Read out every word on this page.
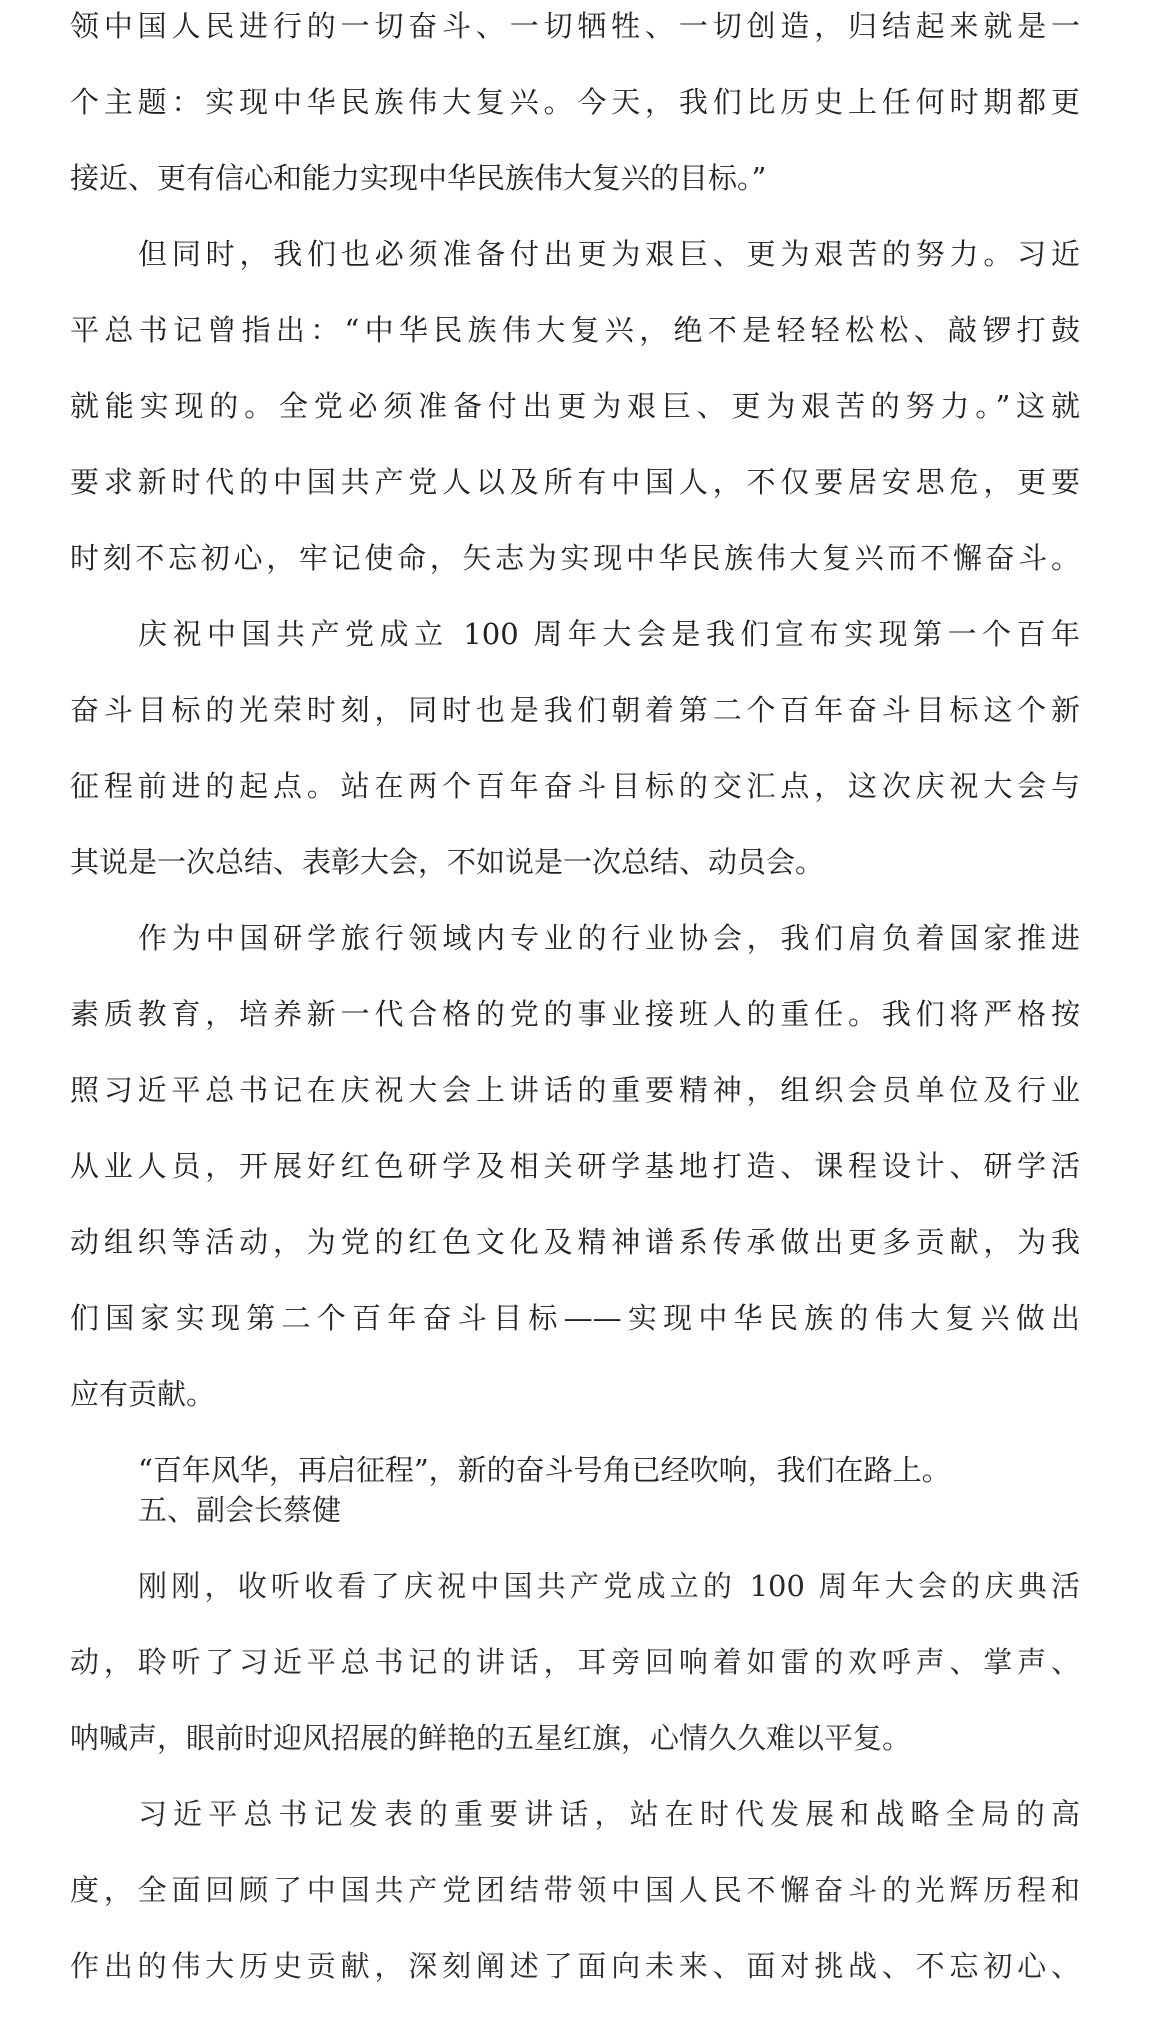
领中国人民进行的一切奋斗、一切牺牲、一切创造，归结起来就是一
个主题：实现中华民族伟大复兴。今天，我们比历史上任何时期都更
接近、更有信心和能力实现中华民族伟大复兴的目标。”
但同时，我们也必须准备付出更为艰巨、更为艰苦的努力。习近
平总书记曾指出：“中华民族伟大复兴，绝不是轻轻松松、敲锣打鼓
就能实现的。全党必须准备付出更为艰巨、更为艰苦的努力。”这就
要求新时代的中国共产党人以及所有中国人，不仅要居安思危，更要
时刻不忘初心，牢记使命，矢志为实现中华民族伟大复兴而不懈奋斗。
庆祝中国共产党成立 100 周年大会是我们宣布实现第一个百年
奋斗目标的光荣时刻，同时也是我们朝着第二个百年奋斗目标这个新
征程前进的起点。站在两个百年奋斗目标的交汇点，这次庆祝大会与
其说是一次总结、表彰大会，不如说是一次总结、动员会。
作为中国研学旅行领域内专业的行业协会，我们肩负着国家推进
素质教育，培养新一代合格的党的事业接班人的重任。我们将严格按
照习近平总书记在庆祝大会上讲话的重要精神，组织会员单位及行业
从业人员，开展好红色研学及相关研学基地打造、课程设计、研学活
动组织等活动，为党的红色文化及精神谱系传承做出更多贡献，为我
们国家实现第二个百年奋斗目标——实现中华民族的伟大复兴做出
应有贡献。
“百年风华，再启征程”，新的奋斗号角已经吹响，我们在路上。
五、副会长蔡健
刚刚，收听收看了庆祝中国共产党成立的 100 周年大会的庆典活
动，聆听了习近平总书记的讲话，耳旁回响着如雷的欢呼声、掌声、
呐喊声，眼前时迎风招展的鲜艳的五星红旗，心情久久难以平复。
习近平总书记发表的重要讲话，站在时代发展和战略全局的高
度，全面回顾了中国共产党团结带领中国人民不懈奋斗的光辉历程和
作出的伟大历史贡献，深刻阐述了面向未来、面对挑战、不忘初心、
